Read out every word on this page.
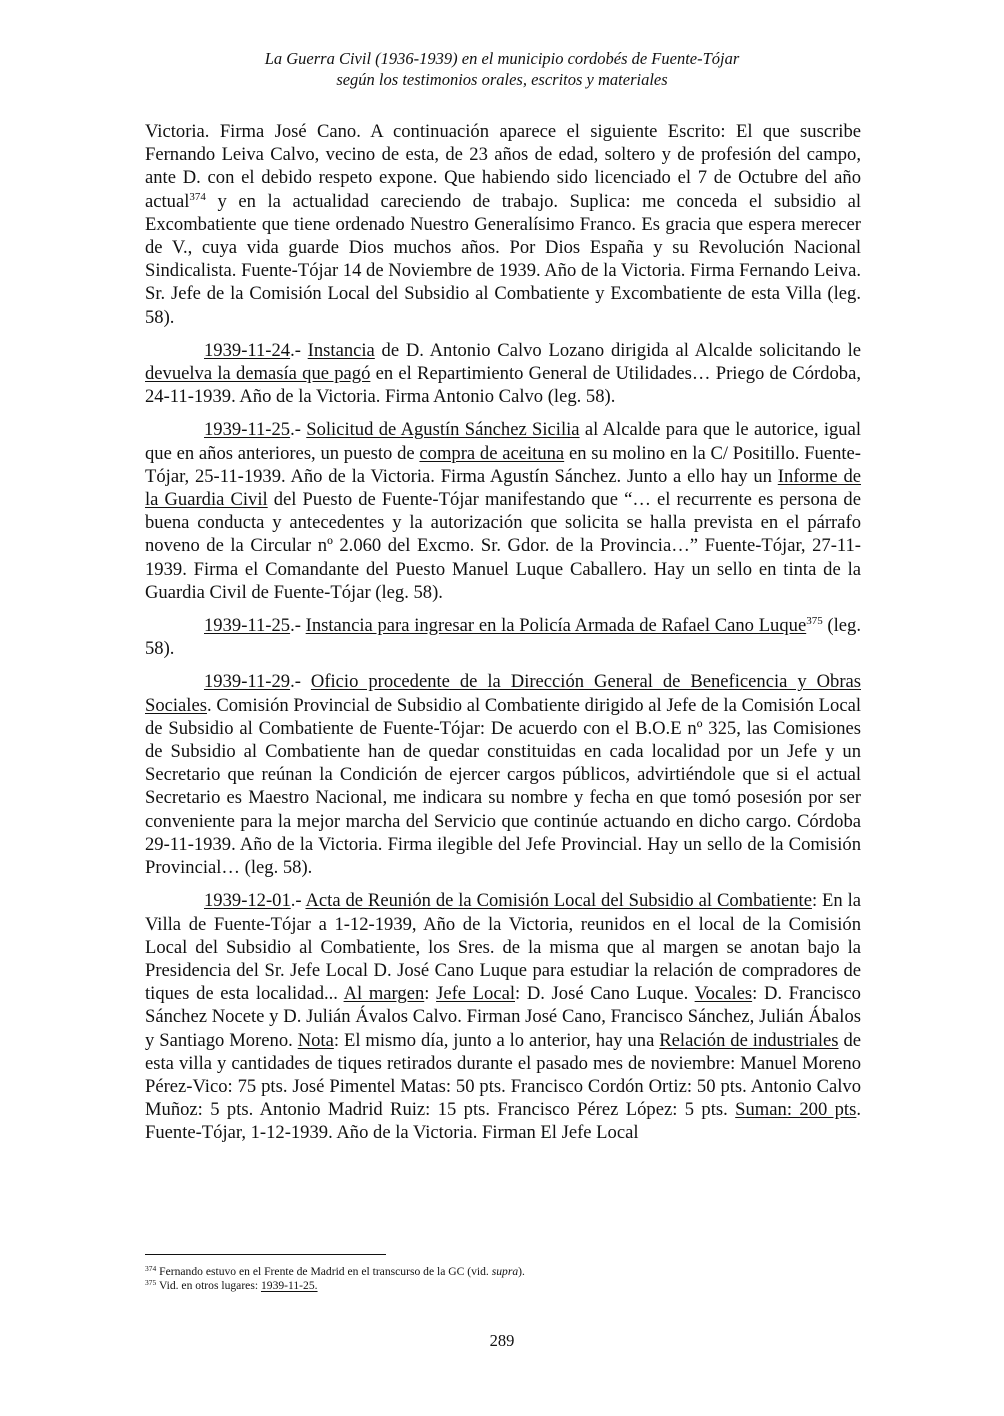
La Guerra Civil (1936-1939) en el municipio cordobés de Fuente-Tójar
según los testimonios orales, escritos y materiales

Victoria. Firma José Cano. A continuación aparece el siguiente Escrito: El que suscribe Fernando Leiva Calvo, vecino de esta, de 23 años de edad, soltero y de profesión del campo, ante D. con el debido respeto expone. Que habiendo sido licenciado el 7 de Octubre del año actual$^{374}$ y en la actualidad careciendo de trabajo. Suplica: me conceda el subsidio al Excombatiente que tiene ordenado Nuestro Generalísimo Franco. Es gracia que espera merecer de V., cuya vida guarde Dios muchos años. Por Dios España y su Revolución Nacional Sindicalista. Fuente-Tójar 14 de Noviembre de 1939. Año de la Victoria. Firma Fernando Leiva. Sr. Jefe de la Comisión Local del Subsidio al Combatiente y Excombatiente de esta Villa (leg. 58).

1939-11-24.- Instancia de D. Antonio Calvo Lozano dirigida al Alcalde solicitando le devuelva la demasía que pagó en el Repartimiento General de Utilidades… Priego de Córdoba, 24-11-1939. Año de la Victoria. Firma Antonio Calvo (leg. 58).

1939-11-25.- Solicitud de Agustín Sánchez Sicilia al Alcalde para que le autorice, igual que en años anteriores, un puesto de compra de aceituna en su molino en la C/ Positillo. Fuente-Tójar, 25-11-1939. Año de la Victoria. Firma Agustín Sánchez. Junto a ello hay un Informe de la Guardia Civil del Puesto de Fuente-Tójar manifestando que “… el recurrente es persona de buena conducta y antecedentes y la autorización que solicita se halla prevista en el párrafo noveno de la Circular nº 2.060 del Excmo. Sr. Gdor. de la Provincia…” Fuente-Tójar, 27-11-1939. Firma el Comandante del Puesto Manuel Luque Caballero. Hay un sello en tinta de la Guardia Civil de Fuente-Tójar (leg. 58).

1939-11-25.- Instancia para ingresar en la Policía Armada de Rafael Cano Luque$^{375}$ (leg. 58).

1939-11-29.- Oficio procedente de la Dirección General de Beneficencia y Obras Sociales. Comisión Provincial de Subsidio al Combatiente dirigido al Jefe de la Comisión Local de Subsidio al Combatiente de Fuente-Tójar: De acuerdo con el B.O.E nº 325, las Comisiones de Subsidio al Combatiente han de quedar constituidas en cada localidad por un Jefe y un Secretario que reúnan la Condición de ejercer cargos públicos, advirtiéndole que si el actual Secretario es Maestro Nacional, me indicara su nombre y fecha en que tomó posesión por ser conveniente para la mejor marcha del Servicio que continúe actuando en dicho cargo. Córdoba 29-11-1939. Año de la Victoria. Firma ilegible del Jefe Provincial. Hay un sello de la Comisión Provincial… (leg. 58).

1939-12-01.- Acta de Reunión de la Comisión Local del Subsidio al Combatiente: En la Villa de Fuente-Tójar a 1-12-1939, Año de la Victoria, reunidos en el local de la Comisión Local del Subsidio al Combatiente, los Sres. de la misma que al margen se anotan bajo la Presidencia del Sr. Jefe Local D. José Cano Luque para estudiar la relación de compradores de tiques de esta localidad... Al margen: Jefe Local: D. José Cano Luque. Vocales: D. Francisco Sánchez Nocete y D. Julián Ávalos Calvo. Firman José Cano, Francisco Sánchez, Julián Ábalos y Santiago Moreno. Nota: El mismo día, junto a lo anterior, hay una Relación de industriales de esta villa y cantidades de tiques retirados durante el pasado mes de noviembre: Manuel Moreno Pérez-Vico: 75 pts. José Pimentel Matas: 50 pts. Francisco Cordón Ortiz: 50 pts. Antonio Calvo Muñoz: 5 pts. Antonio Madrid Ruiz: 15 pts. Francisco Pérez López: 5 pts. Suman: 200 pts. Fuente-Tójar, 1-12-1939. Año de la Victoria. Firman El Jefe Local

$^{374}$ Fernando estuvo en el Frente de Madrid en el transcurso de la GC (vid. supra).
$^{375}$ Vid. en otros lugares: 1939-11-25.
289
